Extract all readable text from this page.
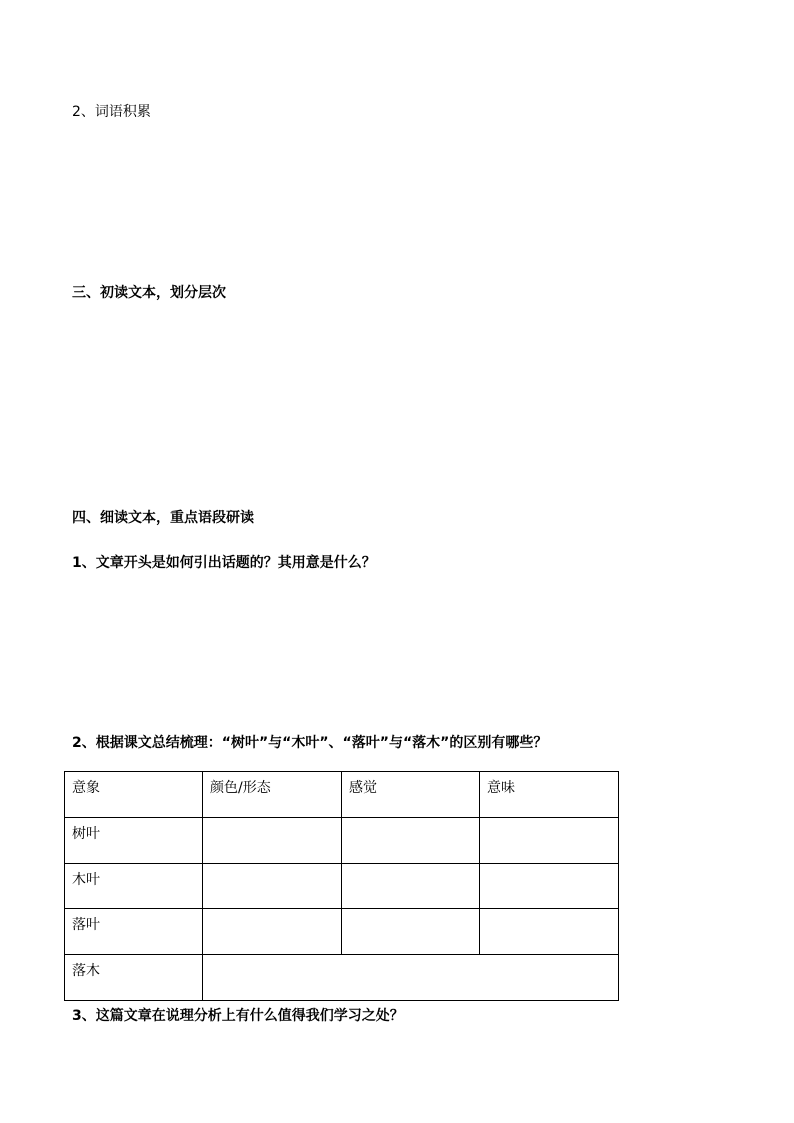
2、词语积累
三、初读文本，划分层次
四、细读文本，重点语段研读
1、文章开头是如何引出话题的？其用意是什么？
2、根据课文总结梳理：“树叶”与“木叶”、“落叶”与“落木”的区别有哪些？
意象	颜色/形态	感觉	意味
树叶			
木叶			
落叶			
落木			
3、这篇文章在说理分析上有什么值得我们学习之处？
